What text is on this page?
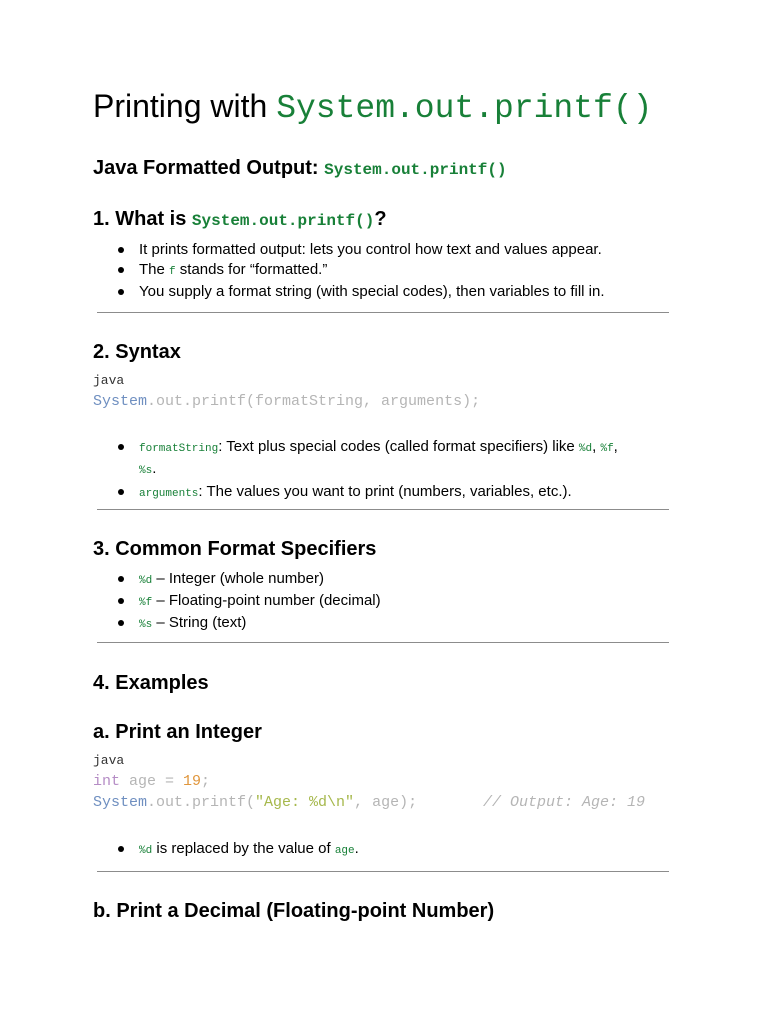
Printing with System.out.printf()
Java Formatted Output: System.out.printf()
1. What is System.out.printf()?
It prints formatted output: lets you control how text and values appear.
The f stands for “formatted.”
You supply a format string (with special codes), then variables to fill in.
2. Syntax
java
System.out.printf(formatString, arguments);
formatString: Text plus special codes (called format specifiers) like %d, %f,
%s.
arguments: The values you want to print (numbers, variables, etc.).
3. Common Format Specifiers
%d – Integer (whole number)
%f – Floating-point number (decimal)
%s – String (text)
4. Examples
a. Print an Integer
java
int age = 19;
System.out.printf("Age: %d\n", age);	// Output: Age: 19
%d is replaced by the value of age.
b. Print a Decimal (Floating-point Number)
